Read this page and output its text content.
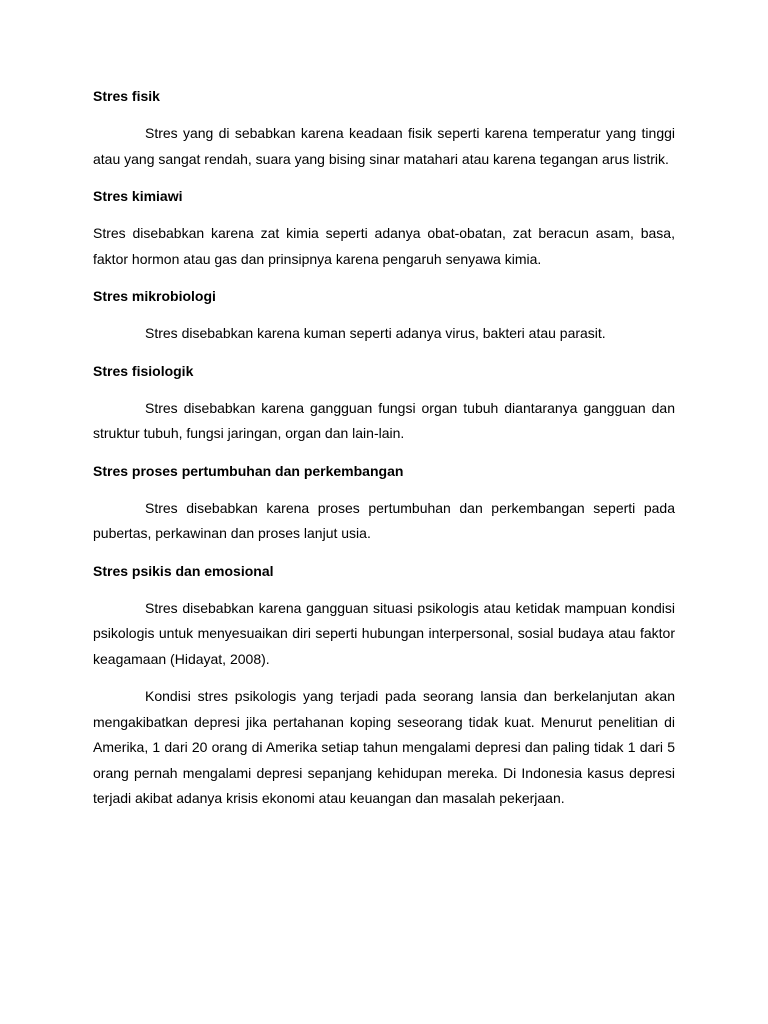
Stres fisik
Stres yang di sebabkan karena keadaan fisik seperti karena temperatur yang tinggi atau yang sangat rendah, suara yang bising sinar matahari atau karena tegangan arus listrik.
Stres kimiawi
Stres disebabkan karena zat kimia seperti adanya obat-obatan, zat beracun asam, basa, faktor hormon atau gas dan prinsipnya karena pengaruh senyawa kimia.
Stres mikrobiologi
Stres disebabkan karena kuman seperti adanya virus, bakteri atau parasit.
Stres fisiologik
Stres disebabkan karena gangguan fungsi organ tubuh diantaranya gangguan dan struktur tubuh, fungsi jaringan, organ dan lain-lain.
Stres proses pertumbuhan dan perkembangan
Stres disebabkan karena proses pertumbuhan dan perkembangan seperti pada pubertas, perkawinan dan proses lanjut usia.
Stres psikis dan emosional
Stres disebabkan karena gangguan situasi psikologis atau ketidak mampuan kondisi psikologis untuk menyesuaikan diri seperti hubungan interpersonal, sosial budaya atau faktor keagamaan (Hidayat, 2008).
Kondisi stres psikologis yang terjadi pada seorang lansia dan berkelanjutan akan mengakibatkan depresi jika pertahanan koping seseorang tidak kuat. Menurut penelitian di Amerika, 1 dari 20 orang di Amerika setiap tahun mengalami depresi dan paling tidak 1 dari 5 orang pernah mengalami depresi sepanjang kehidupan mereka. Di Indonesia kasus depresi terjadi akibat adanya krisis ekonomi atau keuangan dan masalah pekerjaan.
